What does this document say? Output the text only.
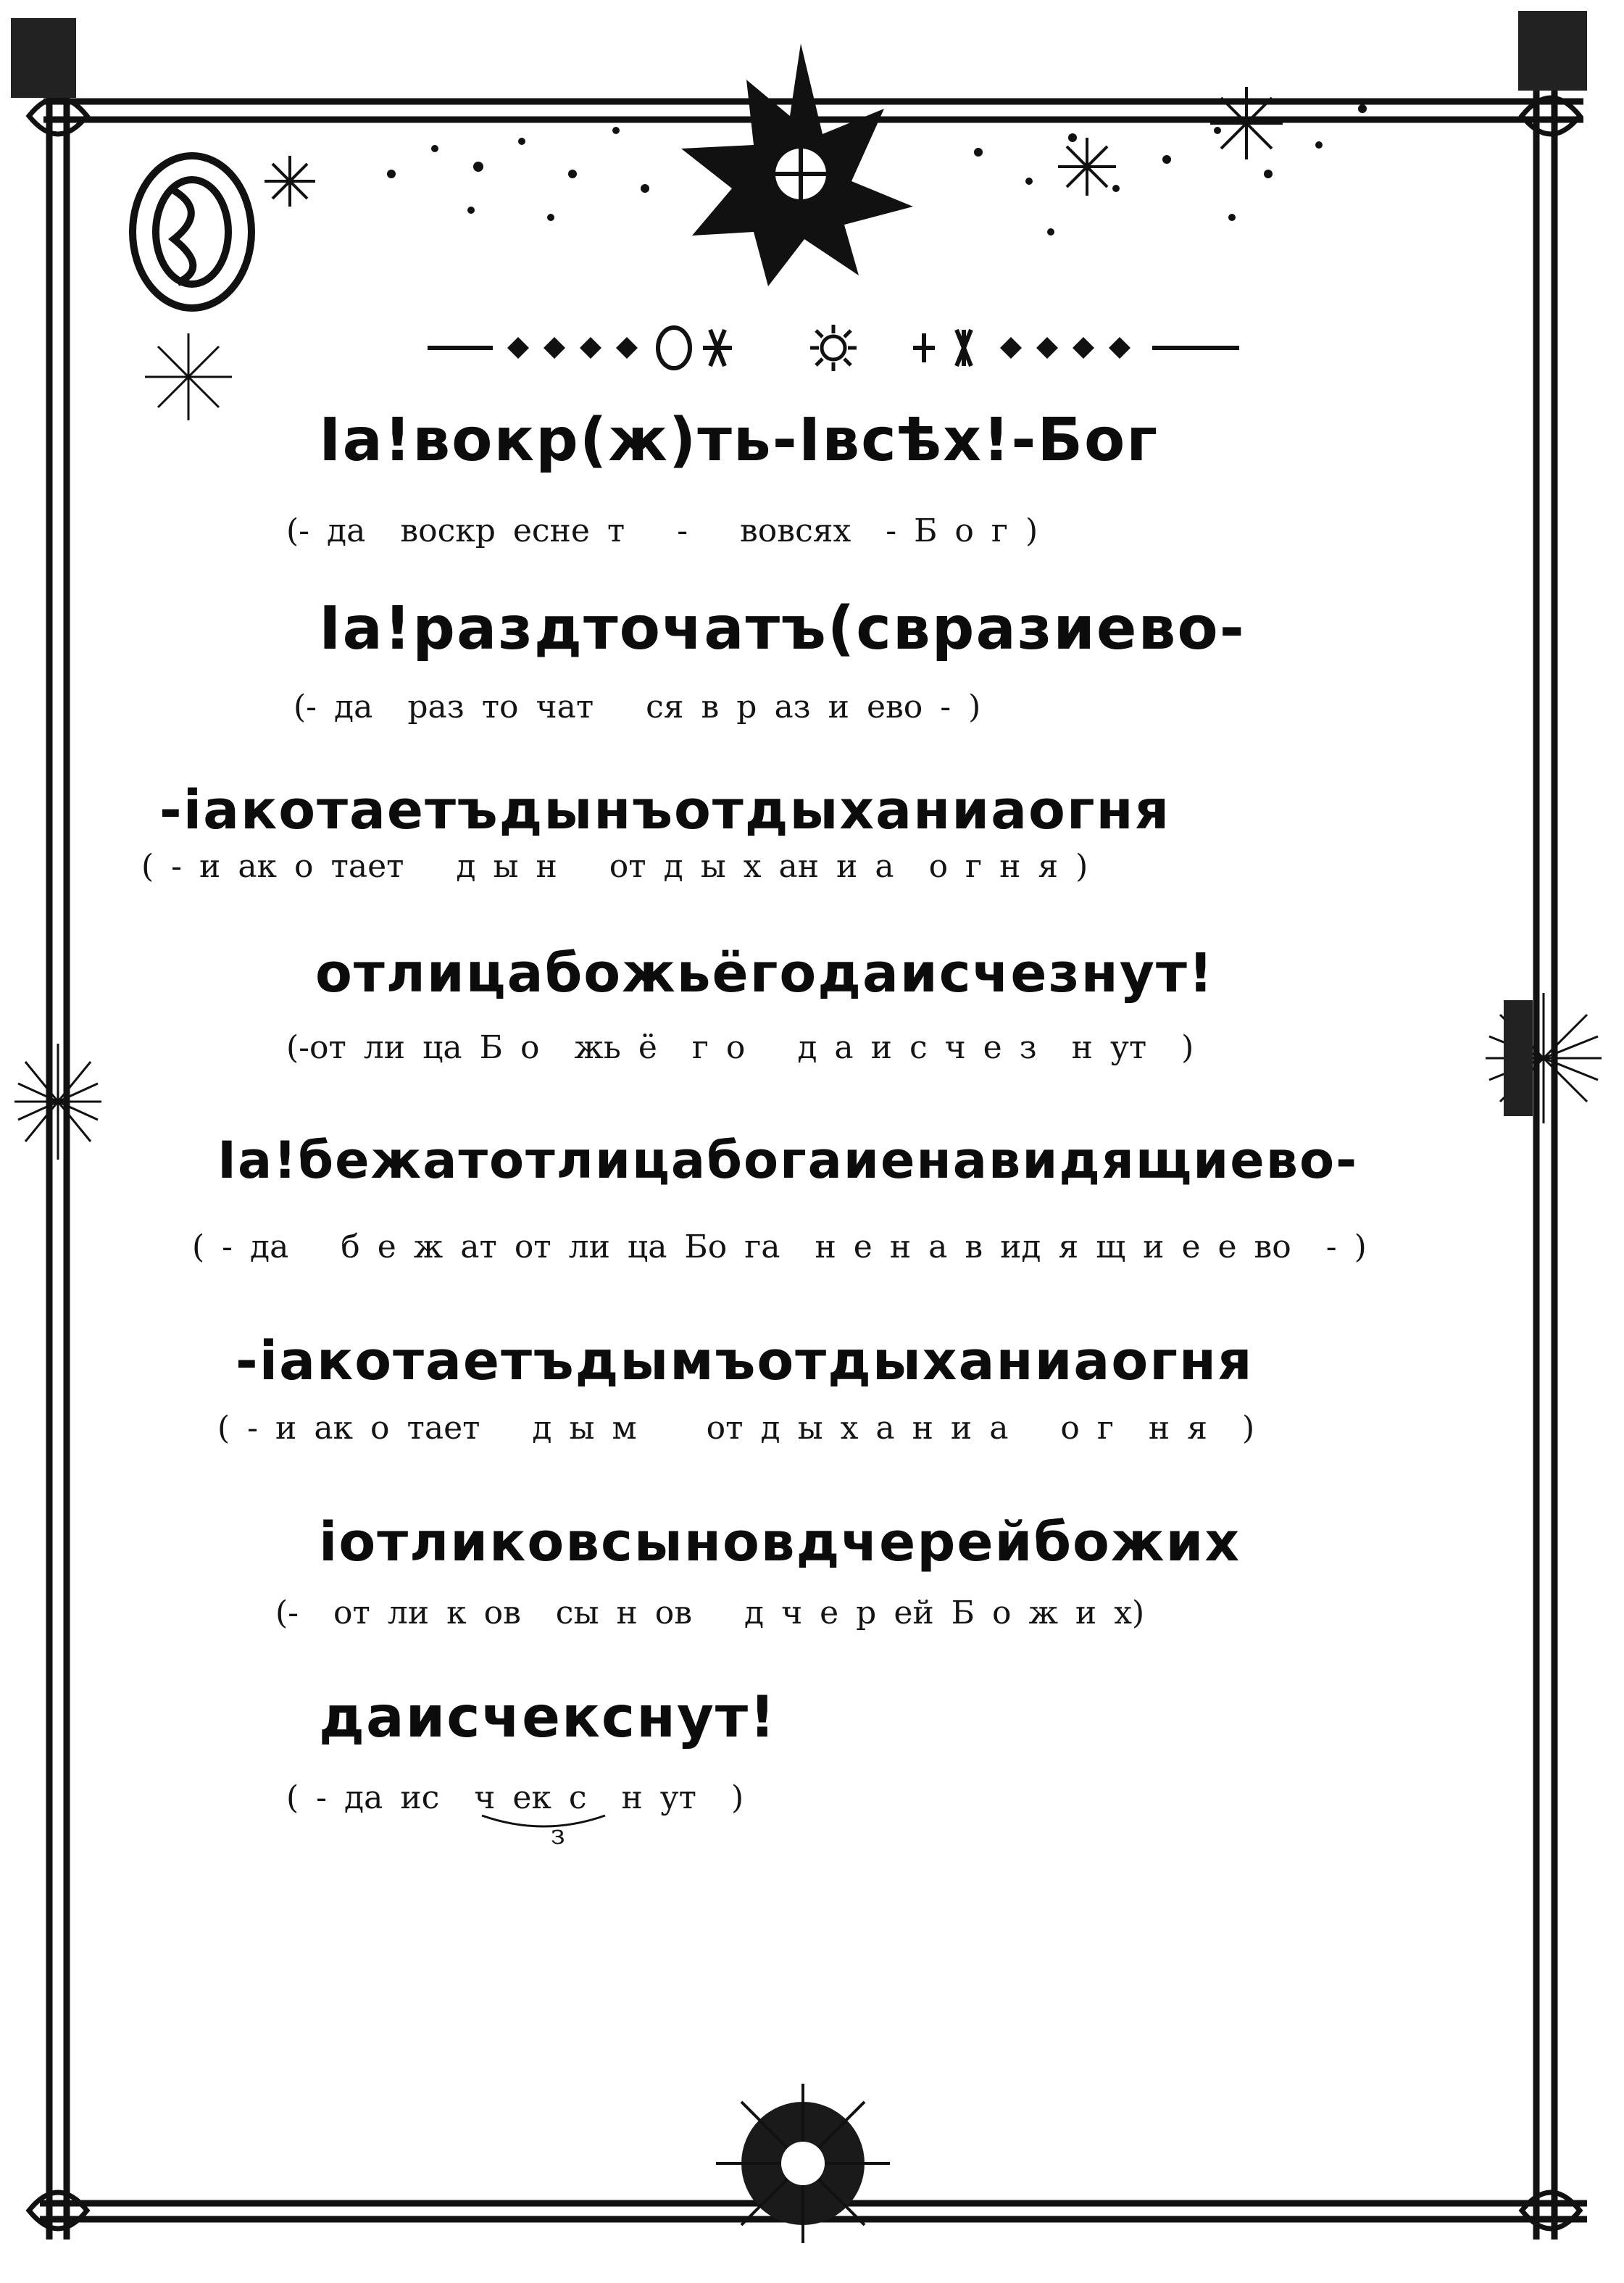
Іа!вокр(ж)ть-Івсѣх!-Бог
(- да  воскр есне т   -   вовсях  - Б о г )
Іа!раздточатъ(свразиево-
(- да  раз то чат   ся в р аз и ево - )
-іакотаетъдынъотдыханиаогня
( - и ак о тает   д ы н   от д ы х ан и а  о г н я )
отлицабожьёгодаисчезнут!
(-от ли ца Б о  жь ё  г о   д а и с ч е з  н ут  )
Іа!бежатотлицабогаиенавидящиево-
( - да   б е ж ат от ли ца Бо га  н е н а в ид я щ и е е во  - )
-іакотаетъдымъотдыханиаогня
( - и ак о тает   д ы м    от д ы х а н и а   о г  н я  )
іотликовсыновдчерейбожих
(-  от ли к ов  сы н ов   д ч е р ей Б о ж и х)
даисчекснут!
( - да ис  ч ек с  н ут  )
з
